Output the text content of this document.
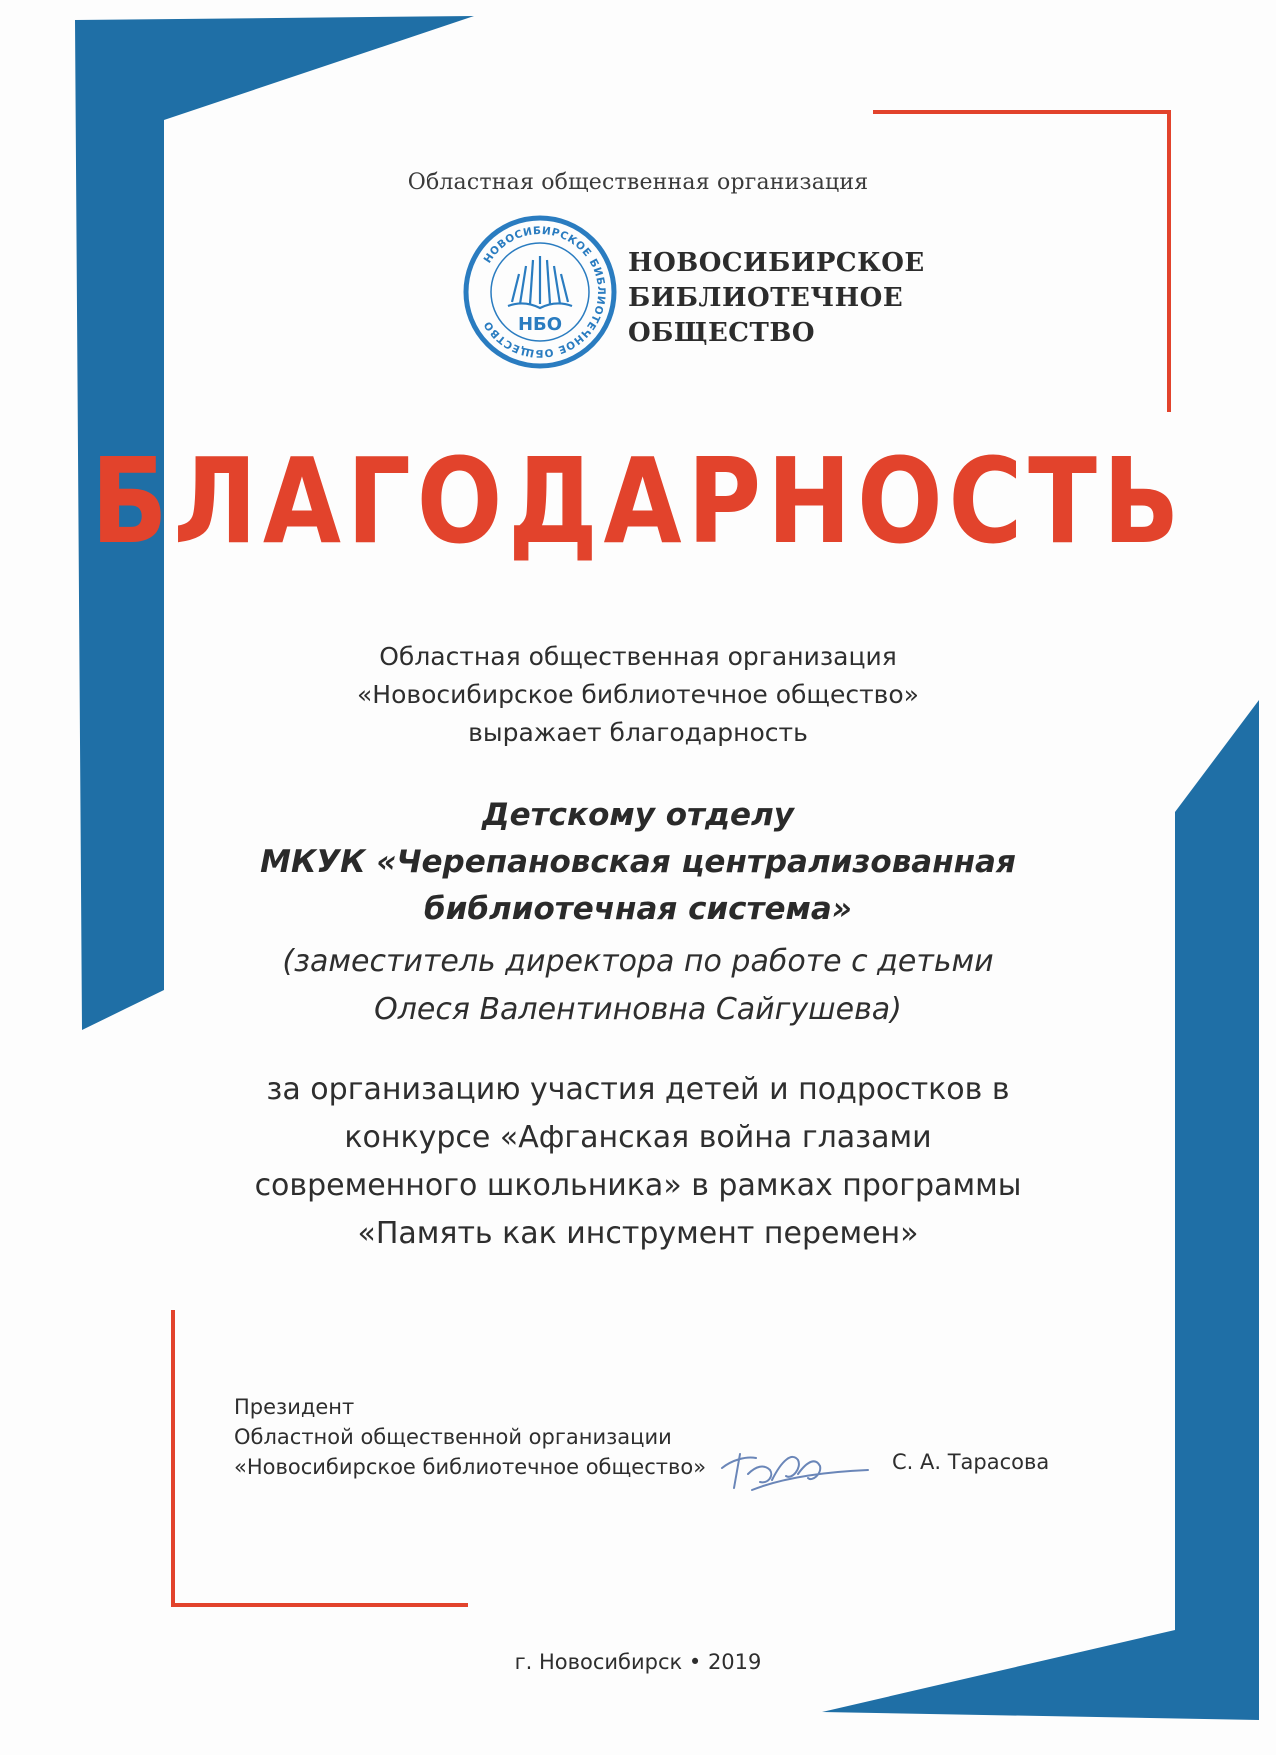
Областная общественная организация
НОВОСИБИРСКОЕ БИБЛИОТЕЧНОЕ ОБЩЕСТВО	НБО
НОВОСИБИРСКОЕ
БИБЛИОТЕЧНОЕ
ОБЩЕСТВО
БЛАГОДАРНОСТЬ
Областная общественная организация
«Новосибирское библиотечное общество»
выражает благодарность
Детскому отделу
МКУК «Черепановская централизованная
библиотечная система»
(заместитель директора по работе с детьми
Олеся Валентиновна Сайгушева)
за организацию участия детей и подростков в
конкурсе «Афганская война глазами
современного школьника» в рамках программы
«Память как инструмент перемен»
Президент
Областной общественной организации
«Новосибирское библиотечное общество»	С. А. Тарасова
г. Новосибирск • 2019
